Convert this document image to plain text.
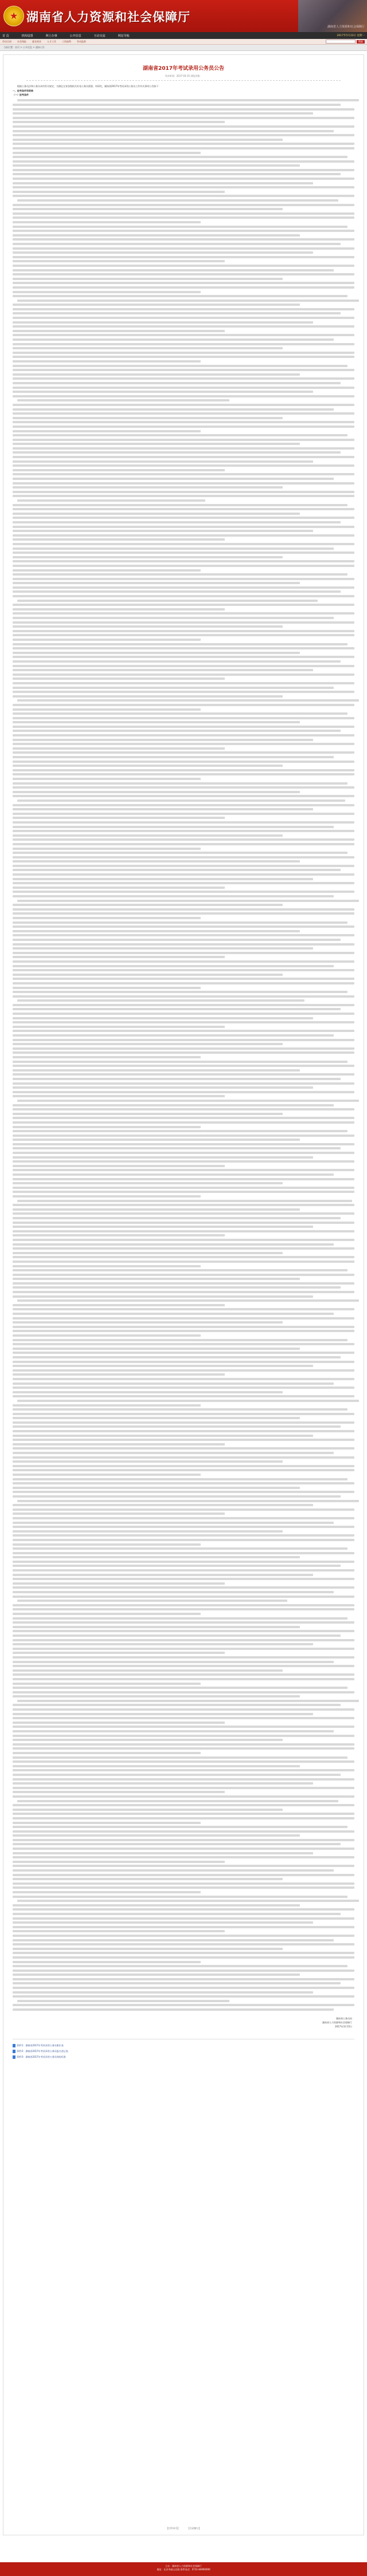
★
湖南省人力资源和社会保障厅
湖南省人力资源和社会保障厅
首 页	机构设置	网上办事	公开信息	互动交流	网站导航	2017年5月22日 星期一
劳动合同	社会保险	就业创业	人才工作	工资福利	劳动监察	搜索
当前位置：首页 > 公开信息 > 通知公告
湖南省2017年考试录用公务员公告
发布时间：2017-03-15 浏览次数：

根据公务员法和公务员录用有关规定，为满足全省各级机关补充公务员需要，经研究，湖南省2017年考试录用公务员工作有关事项公告如下：

一、报考条件和资格

（一）报考条件

湖南省公务员局
湖南省人力资源和社会保障厅
2017年3月15日
附件1：湖南省2017年考试录用公务员职位表
附件2：湖南省2017年考试录用公务员报名登记表
附件3：湖南省2017年考试录用公务员体检标准
【打印本页】	【关闭窗口】
主办：湖南省人力资源和社会保障厅
地址：长沙市韶山北路 联系电话：0731-84900000
